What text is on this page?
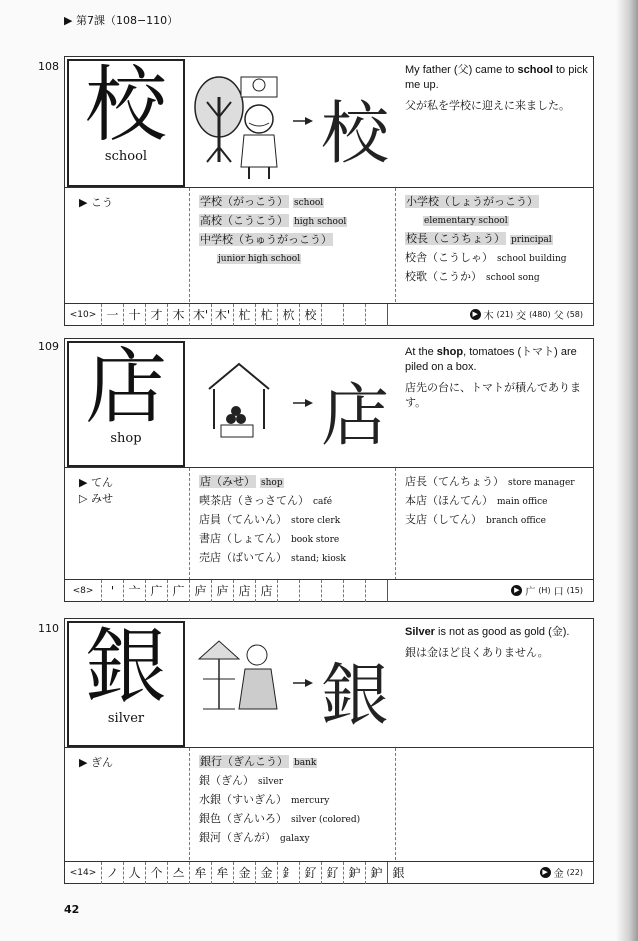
▶ 第7課（108−110）
108 校
school	校
My father (父) came to school to pick me up.
父が私を学校に迎えに来ました。
▶ こう	学校（がっこう） school
高校（こうこう） high school
中学校（ちゅうがっこう）
junior high school
小学校（しょうがっこう）
elementary school
校長（こうちょう） principal
校舎（こうしゃ） school building
校歌（こうか） school song
<10> 一 十 才 木 木' 木' 杧 杧 柼 校	▶ 木 (21) 交 (480) 父 (58)
109 店
shop	店
At the shop, tomatoes (トマト) are piled on a box.
店先の台に、トマトが積んであります。
▶ てん
▷ みせ
店（みせ） shop
喫茶店（きっさてん） café
店員（てんいん） store clerk
書店（しょてん） book store
売店（ばいてん） stand; kiosk
店長（てんちょう） store manager
本店（ほんてん） main office
支店（してん） branch office
<8>	'	亠 广 广 庐 庐 店 店	▶ 广 (H) 口 (15)
110 銀
silver	銀
Silver is not as good as gold (金).
銀は金ほど良くありません。
▶ ぎん	銀行（ぎんこう） bank
銀（ぎん） silver
水銀（すいぎん） mercury
銀色（ぎんいろ） silver (colored)
銀河（ぎんが） galaxy
<14> ノ 人 个 스 牟 牟 金 金 釒 釕 釕 鈩 鈩 銀	▶ 金 (22)
42
